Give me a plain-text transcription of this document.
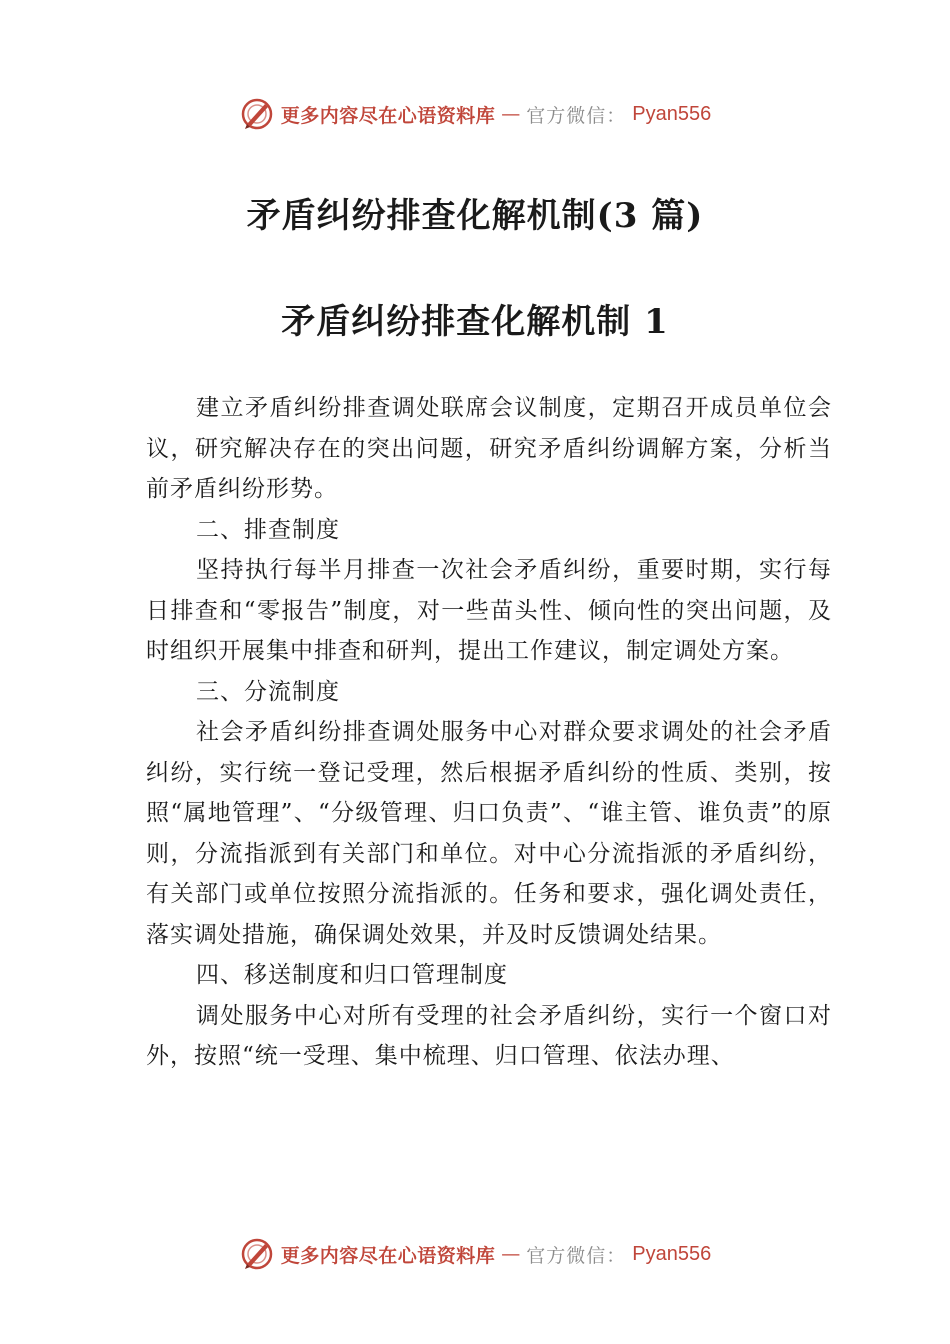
更多内容尽在心语资料库 — 官方微信： Pyan556
矛盾纠纷排查化解机制(3 篇)
矛盾纠纷排查化解机制 1

建立矛盾纠纷排查调处联席会议制度，定期召开成员单位会议，研究解决存在的突出问题，研究矛盾纠纷调解方案，分析当前矛盾纠纷形势。

二、排查制度

坚持执行每半月排查一次社会矛盾纠纷，重要时期，实行每日排查和“零报告”制度，对一些苗头性、倾向性的突出问题，及时组织开展集中排查和研判，提出工作建议，制定调处方案。

三、分流制度

社会矛盾纠纷排查调处服务中心对群众要求调处的社会矛盾纠纷，实行统一登记受理，然后根据矛盾纠纷的性质、类别，按照“属地管理”、“分级管理、归口负责”、“谁主管、谁负责”的原则，分流指派到有关部门和单位。对中心分流指派的矛盾纠纷，有关部门或单位按照分流指派的。任务和要求，强化调处责任，落实调处措施，确保调处效果，并及时反馈调处结果。

四、移送制度和归口管理制度

调处服务中心对所有受理的社会矛盾纠纷，实行一个窗口对外，按照“统一受理、集中梳理、归口管理、依法办理、

更多内容尽在心语资料库 — 官方微信： Pyan556
